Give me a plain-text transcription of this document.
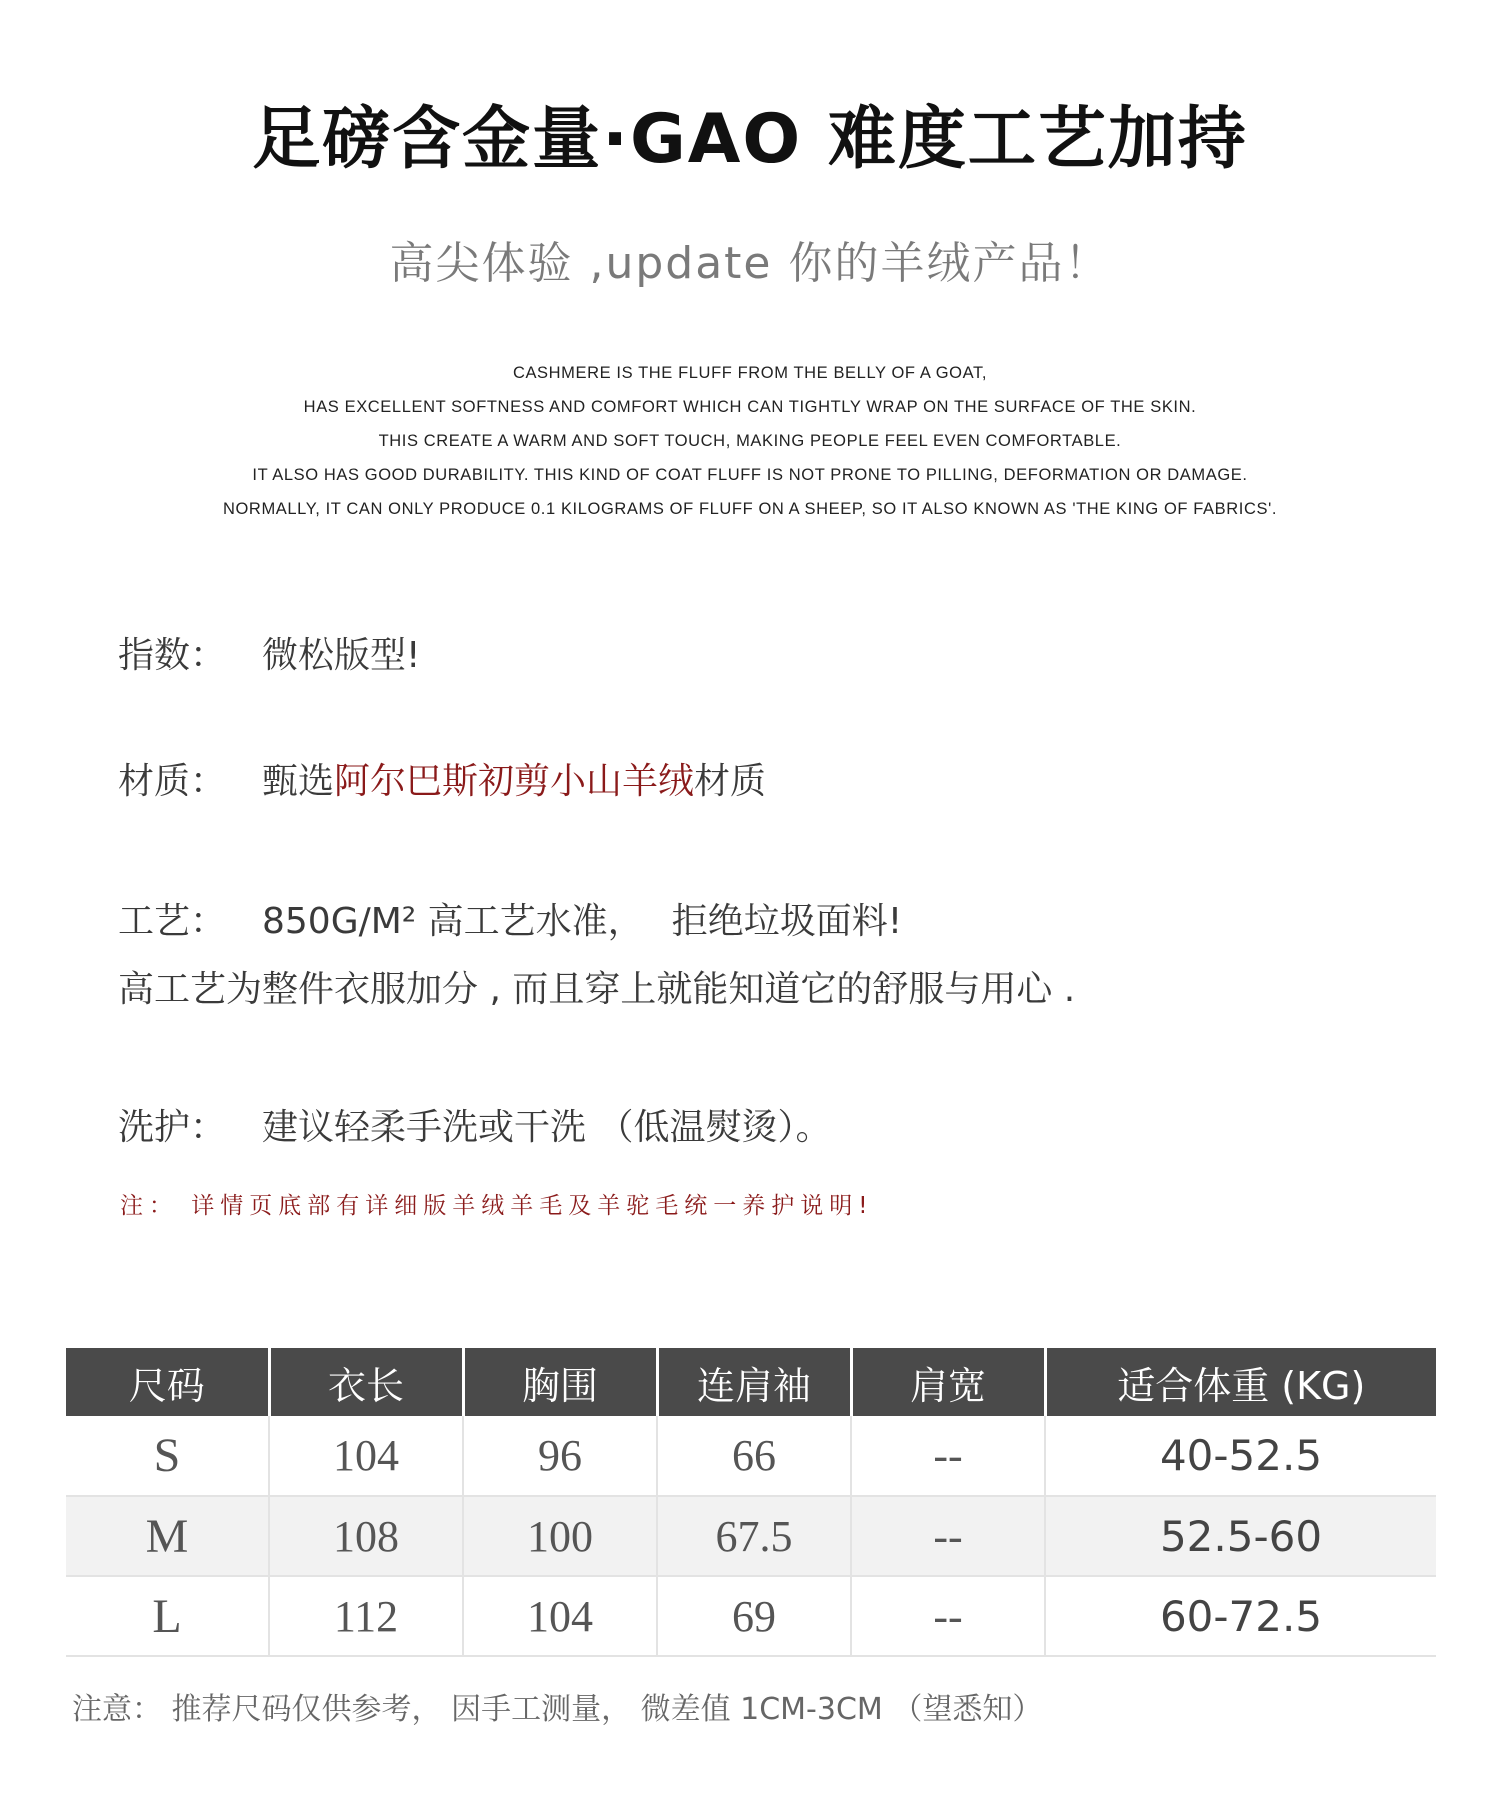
足磅含金量·GAO 难度工艺加持
高尖体验 ,update 你的羊绒产品！
CASHMERE IS THE FLUFF FROM THE BELLY OF A GOAT,
HAS EXCELLENT SOFTNESS AND COMFORT WHICH CAN TIGHTLY WRAP ON THE SURFACE OF THE SKIN.
THIS CREATE A WARM AND SOFT TOUCH, MAKING PEOPLE FEEL EVEN COMFORTABLE.
IT ALSO HAS GOOD DURABILITY. THIS KIND OF COAT FLUFF IS NOT PRONE TO PILLING, DEFORMATION OR DAMAGE.
NORMALLY, IT CAN ONLY PRODUCE 0.1 KILOGRAMS OF FLUFF ON A SHEEP, SO IT ALSO KNOWN AS 'THE KING OF FABRICS'.
指数： 微松版型!
材质： 甄选阿尔巴斯初剪小山羊绒材质
工艺： 850G/M² 高工艺水准， 拒绝垃圾面料!
高工艺为整件衣服加分 , 而且穿上就能知道它的舒服与用心 .
洗护： 建议轻柔手洗或干洗 （低温熨烫）。
注： 详情页底部有详细版羊绒羊毛及羊驼毛统一养护说明!
尺码	衣长	胸围	连肩袖	肩宽	适合体重 (KG)
S	104	96	66	--	40-52.5
M	108	100	67.5	--	52.5-60
L	112	104	69	--	60-72.5
注意： 推荐尺码仅供参考， 因手工测量， 微差值 1CM-3CM （望悉知）
